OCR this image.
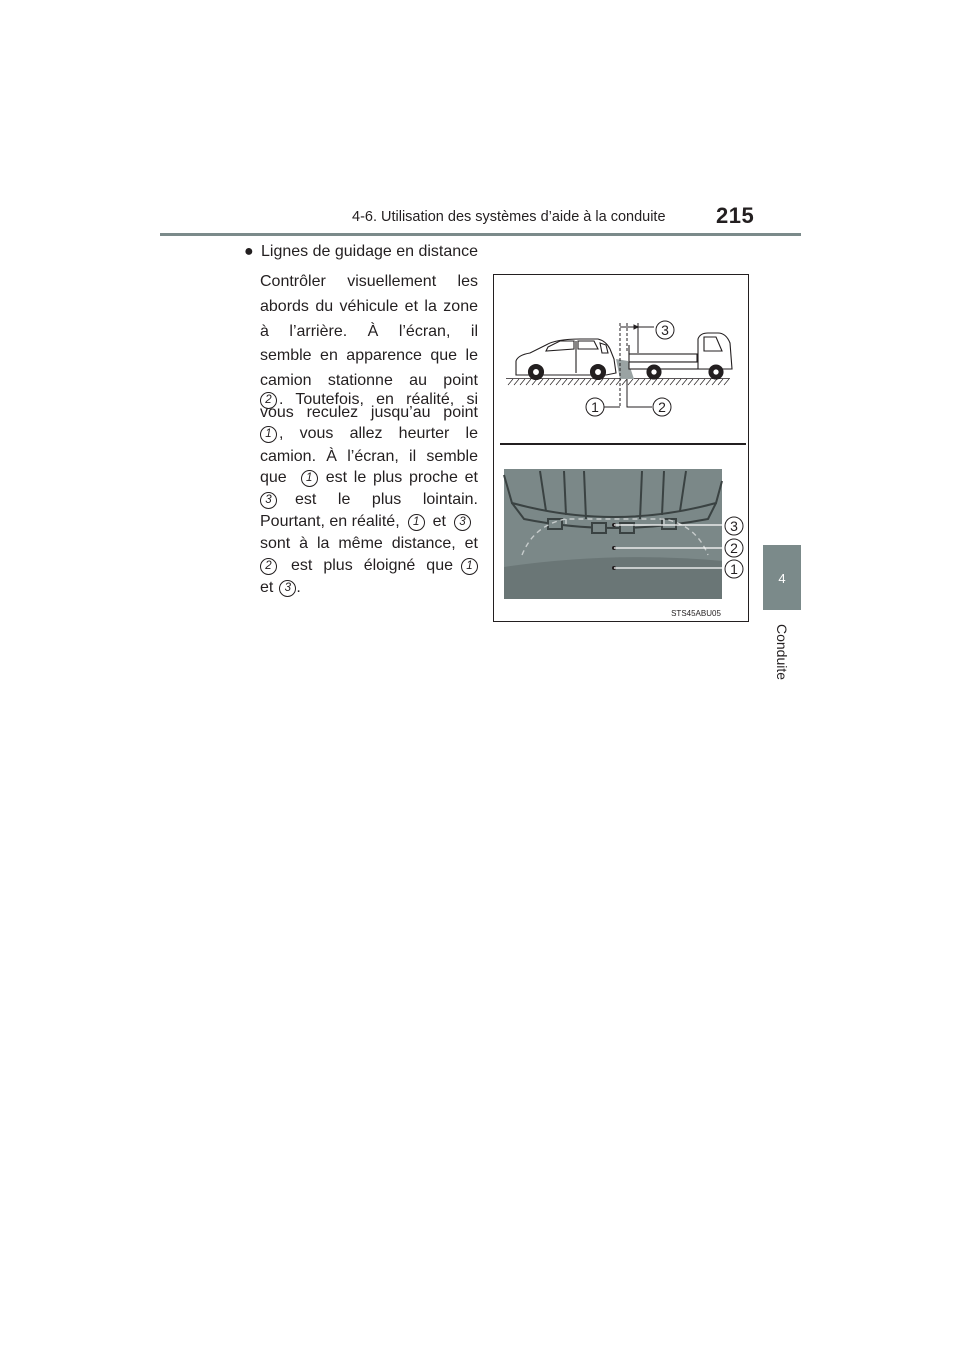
4-6. Utilisation des systèmes d’aide à la conduite 215
4
Conduite
● Lignes de guidage en distance
Contrôler visuellement les
abords du véhicule et la zone
à l’arrière. À l’écran, il
semble en apparence que le
camion stationne au point
2 . Toutefois, en réalité, si
vous reculez jusqu’au point
1 , vous allez heurter le
camion. À l’écran, il semble
que	1 est le plus proche et
3	est le plus lointain.
Pourtant, en réalité,	1 et	3
sont à la même distance, et
2	est plus éloigné que	1
et 3 .
3
1	2
3
2
1
STS45ABU05
